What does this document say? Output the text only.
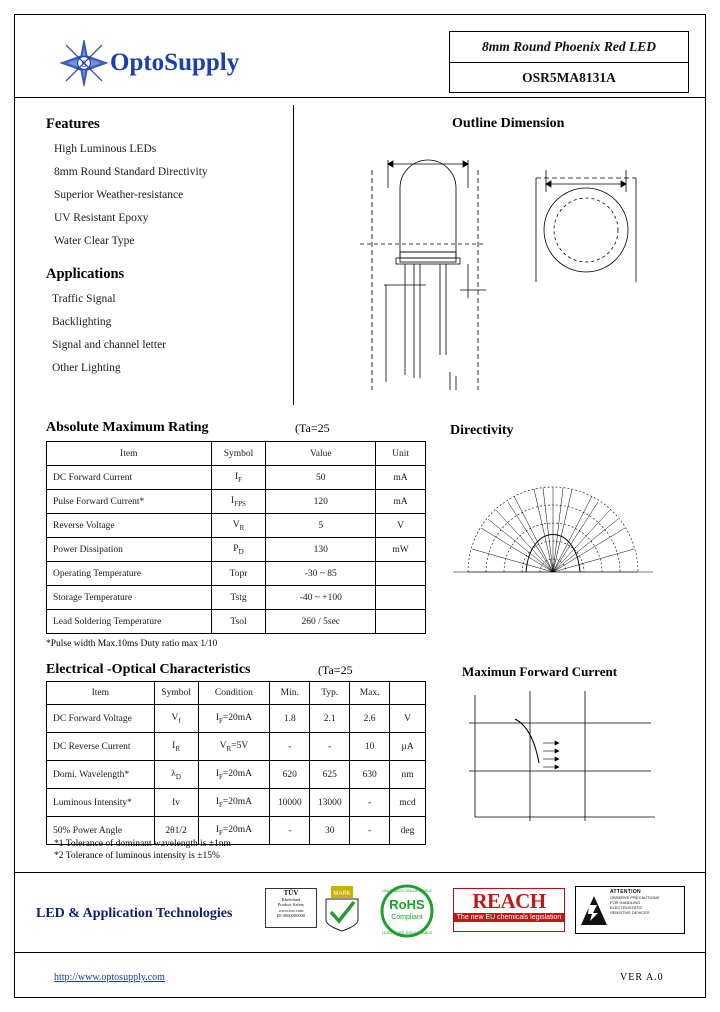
S OptoSupply
8mm Round Phoenix Red LED
OSR5MA8131A
Features
High Luminous LEDs
8mm Round Standard Directivity
Superior Weather-resistance
UV Resistant Epoxy
Water Clear Type
Applications
Traffic Signal
Backlighting
Signal and channel letter
Other Lighting
Outline Dimension
Absolute Maximum Rating	(Ta=25
Item	Symbol	Value	Unit
DC Forward Current	$I_F$	50	mA
Pulse Forward Current*	$I_{FPS}$	120	mA
Reverse Voltage	$V_R$	5	V
Power Dissipation	$P_D$	130	mW
Operating Temperature	Topr	-30 ~ 85	
Storage Temperature	Tstg	-40 ~ +100	
Lead Soldering Temperature	Tsol	260 / 5sec	
*Pulse width Max.10ms Duty ratio max 1/10
Directivity
Electrical -Optical Characteristics	(Ta=25
Item	Symbol	Condition	Min.	Typ.	Max.	
DC Forward Voltage	$V_f$	$I_F=20mA$	1.8	2.1	2.6	V
DC Reverse Current	$I_R$	$V_R=5V$	-	-	10	µA
Domi. Wavelength*	$\lambda_D$	$I_F=20mA$	620	625	630	nm
Luminous Intensity*	Iv	$I_F=20mA$	10000	13000	-	mcd
50% Power Angle	2θ1/2	$I_F=20mA$	-	30	-	deg
*1 Tolerance of dominant wavelength is ±1nm
*2 Tolerance of luminous intensity is ±15%
Maximun Forward Current
LED & Application Technologies
TÜV
Rheinland
Product Safety
www.tuv.com
ID 0000000000
MARK
RoHS
Compliant
UNLEADED-SOLDERABLE
LEAD-FREE-SOLDERABLE
REACH
The new EU chemicals legislation
ATTENTION
OBSERVE PRECAUTIONS
FOR HANDLING
ELECTROSTATIC
SENSITIVE DEVICES
http://www.optosupply.com	VER A.0
